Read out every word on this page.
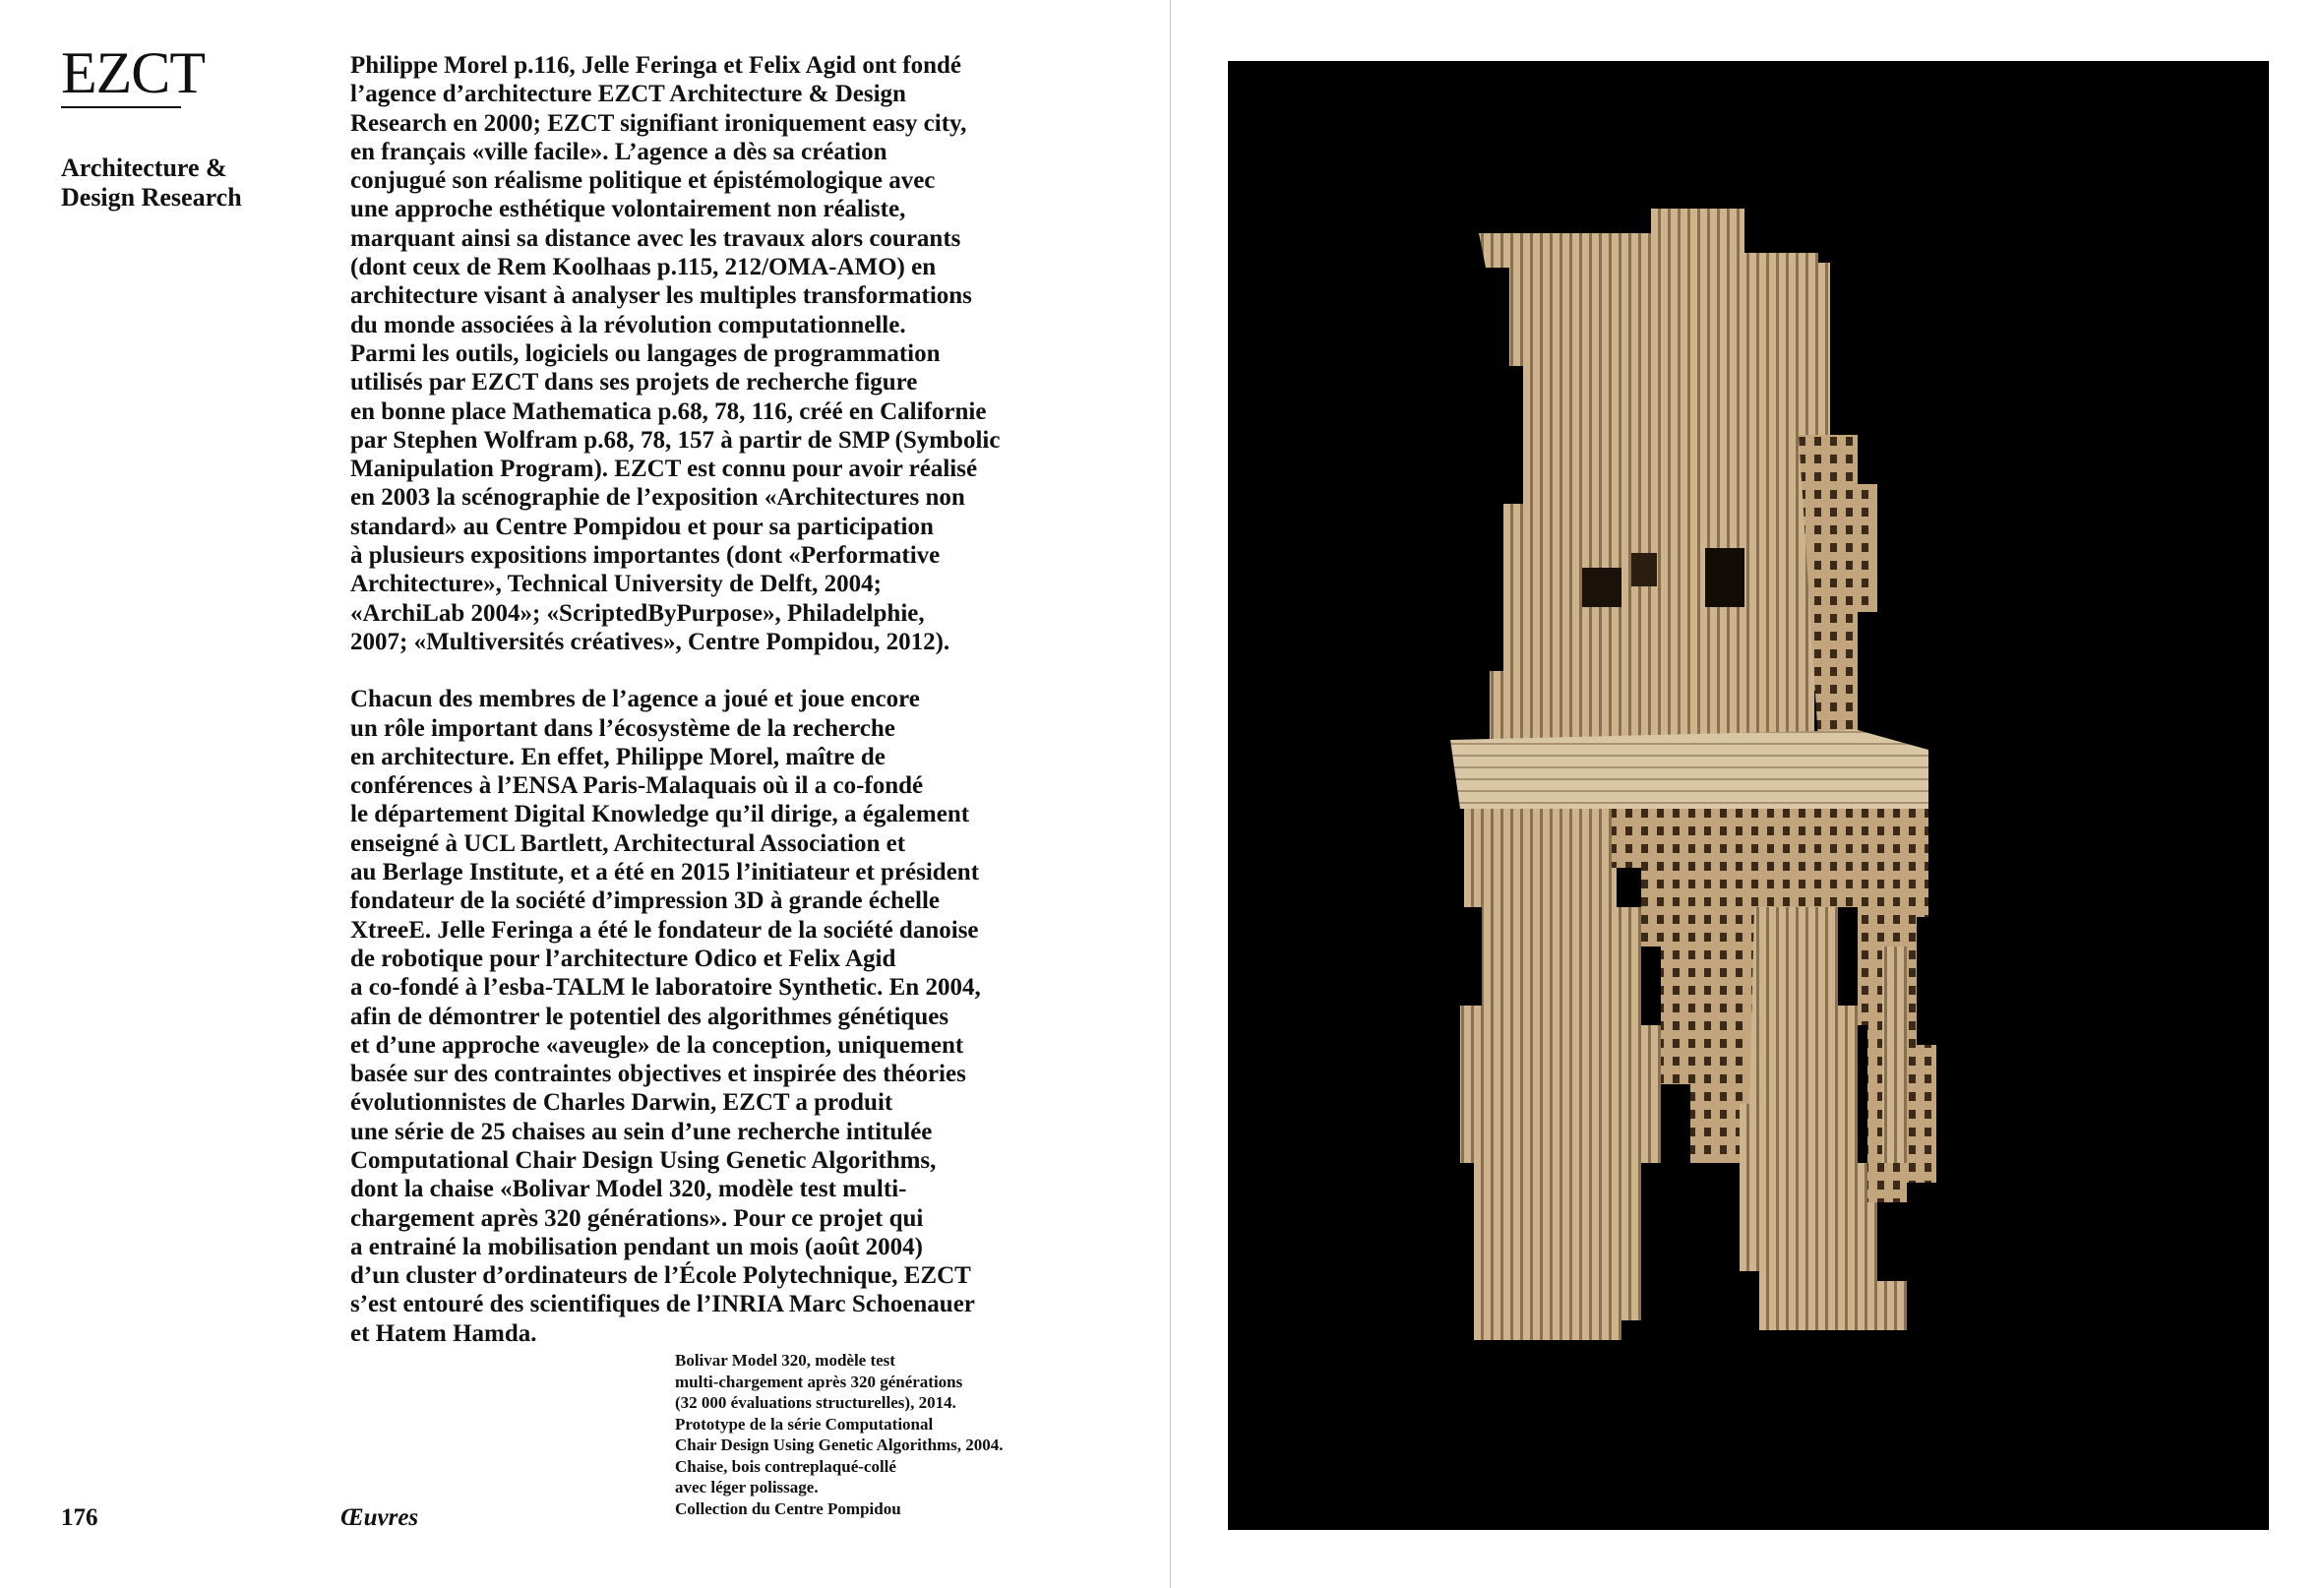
EZCT
Architecture &
Design Research
Philippe Morel p.116, Jelle Feringa et Felix Agid ont fondé
l’agence d’architecture EZCT Architecture & Design
Research en 2000; EZCT signifiant ironiquement easy city,
en français «ville facile». L’agence a dès sa création
conjugué son réalisme politique et épistémologique avec
une approche esthétique volontairement non réaliste,
marquant ainsi sa distance avec les travaux alors courants
(dont ceux de Rem Koolhaas p.115, 212/OMA-AMO) en
architecture visant à analyser les multiples transformations
du monde associées à la révolution computationnelle.
Parmi les outils, logiciels ou langages de programmation
utilisés par EZCT dans ses projets de recherche figure
en bonne place Mathematica p.68, 78, 116, créé en Californie
par Stephen Wolfram p.68, 78, 157 à partir de SMP (Symbolic
Manipulation Program). EZCT est connu pour avoir réalisé
en 2003 la scénographie de l’exposition «Architectures non
standard» au Centre Pompidou et pour sa participation
à plusieurs expositions importantes (dont «Performative
Architecture», Technical University de Delft, 2004;
«ArchiLab 2004»; «ScriptedByPurpose», Philadelphie,
2007; «Multiversités créatives», Centre Pompidou, 2012).
Chacun des membres de l’agence a joué et joue encore
un rôle important dans l’écosystème de la recherche
en architecture. En effet, Philippe Morel, maître de
conférences à l’ENSA Paris-Malaquais où il a co-fondé
le département Digital Knowledge qu’il dirige, a également
enseigné à UCL Bartlett, Architectural Association et
au Berlage Institute, et a été en 2015 l’initiateur et président
fondateur de la société d’impression 3D à grande échelle
XtreeE. Jelle Feringa a été le fondateur de la société danoise
de robotique pour l’architecture Odico et Felix Agid
a co-fondé à l’esba-TALM le laboratoire Synthetic. En 2004,
afin de démontrer le potentiel des algorithmes génétiques
et d’une approche «aveugle» de la conception, uniquement
basée sur des contraintes objectives et inspirée des théories
évolutionnistes de Charles Darwin, EZCT a produit
une série de 25 chaises au sein d’une recherche intitulée
Computational Chair Design Using Genetic Algorithms,
dont la chaise «Bolivar Model 320, modèle test multi-
chargement après 320 générations». Pour ce projet qui
a entrainé la mobilisation pendant un mois (août 2004)
d’un cluster d’ordinateurs de l’École Polytechnique, EZCT
s’est entouré des scientifiques de l’INRIA Marc Schoenauer
et Hatem Hamda.
Bolivar Model 320, modèle test
multi-chargement après 320 générations
(32 000 évaluations structurelles), 2014.
Prototype de la série Computational
Chair Design Using Genetic Algorithms, 2004.
Chaise, bois contreplaqué-collé
avec léger polissage.
Collection du Centre Pompidou
176	Œuvres
